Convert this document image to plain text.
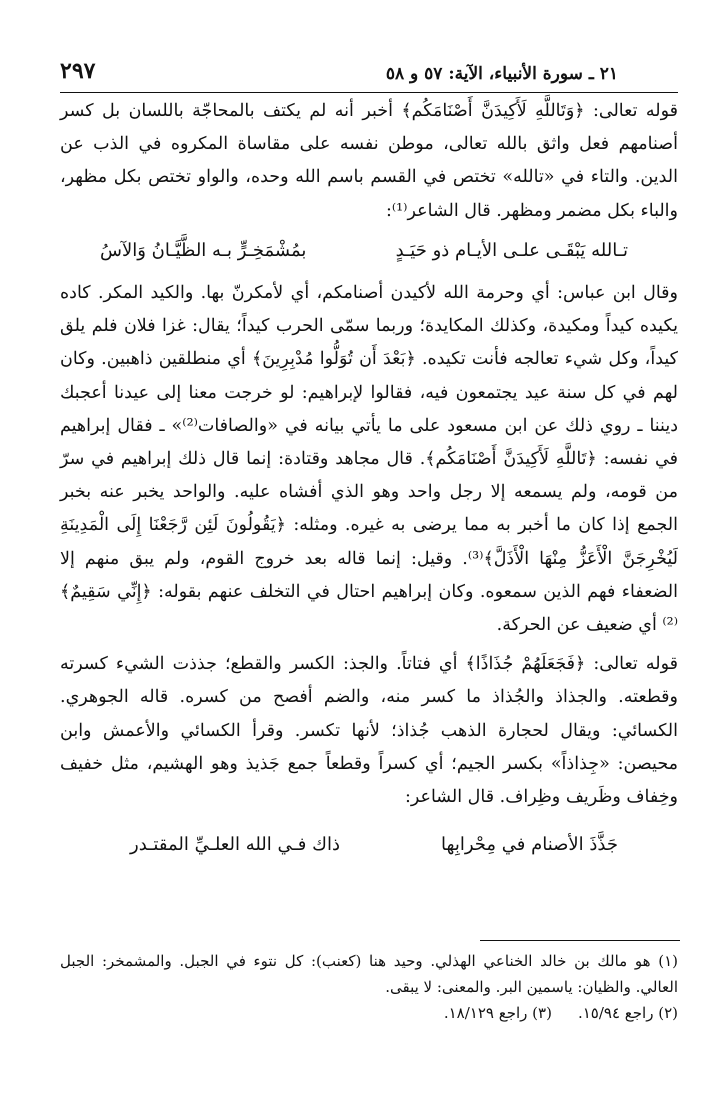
٢١ ـ سورة الأنبياء، الآية: ٥٧ و ٥٨
٢٩٧

قوله تعالى: ﴿وَتَاللَّهِ لَأَكِيدَنَّ أَصْنَامَكُم﴾ أخبر أنه لم يكتف بالمحاجّة باللسان بل كسر أصنامهم فعل واثق بالله تعالى، موطن نفسه على مقاساة المكروه في الذب عن الدين. والتاء في «تالله» تختص في القسم باسم الله وحده، والواو تختص بكل مظهر، والباء بكل مضمر ومظهر. قال الشاعر⁽¹⁾:

تـالله يَبْقَـى علـى الأيـام ذو حَيَـدٍ
بمُشْمَخِـرٍّ بـه الظَّيَّـانُ وَالآسُ

وقال ابن عباس: أي وحرمة الله لأكيدن أصنامكم، أي لأمكرنّ بها. والكيد المكر. كاده يكيده كيداً ومكيدة، وكذلك المكايدة؛ وربما سمّى الحرب كيداً؛ يقال: غزا فلان فلم يلق كيداً، وكل شيء تعالجه فأنت تكيده. ﴿بَعْدَ أَن تُوَلُّوا مُدْبِرِينَ﴾ أي منطلقين ذاهبين. وكان لهم في كل سنة عيد يجتمعون فيه، فقالوا لإبراهيم: لو خرجت معنا إلى عيدنا أعجبك ديننا ـ روي ذلك عن ابن مسعود على ما يأتي بيانه في «والصافات⁽²⁾» ـ فقال إبراهيم في نفسه: ﴿تَاللَّهِ لَأَكِيدَنَّ أَصْنَامَكُم﴾. قال مجاهد وقتادة: إنما قال ذلك إبراهيم في سرّ من قومه، ولم يسمعه إلا رجل واحد وهو الذي أفشاه عليه. والواحد يخبر عنه بخبر الجمع إذا كان ما أخبر به مما يرضى به غيره. ومثله: ﴿يَقُولُونَ لَئِن رَّجَعْنَا إِلَى الْمَدِينَةِ لَيُخْرِجَنَّ الْأَعَزُّ مِنْهَا الْأَذَلَّ﴾⁽³⁾. وقيل: إنما قاله بعد خروج القوم، ولم يبق منهم إلا الضعفاء فهم الذين سمعوه. وكان إبراهيم احتال في التخلف عنهم بقوله: ﴿إِنِّي سَقِيمٌ﴾⁽²⁾ أي ضعيف عن الحركة.

قوله تعالى: ﴿فَجَعَلَهُمْ جُذَاذًا﴾ أي فتاتاً. والجذ: الكسر والقطع؛ جذذت الشيء كسرته وقطعته. والجذاذ والجُذاذ ما كسر منه، والضم أفصح من كسره. قاله الجوهري. الكسائي: ويقال لحجارة الذهب جُذاذ؛ لأنها تكسر. وقرأ الكسائي والأعمش وابن محيصن: «جِذاذاً» بكسر الجيم؛ أي كسراً وقطعاً جمع جَذيذ وهو الهشيم، مثل خفيف وخِفاف وظَريف وظِراف. قال الشاعر:

جَذَّذَ الأصنام في مِحْرابِها
ذاك فـي الله العلـيِّ المقتـدر

(١) هو مالك بن خالد الخناعي الهذلي. وحيد هنا (كعنب): كل نتوء في الجبل. والمشمخر: الجبل العالي. والظيان: ياسمين البر. والمعنى: لا يبقى.

(٢) راجع ١٥/٩٤.
(٣) راجع ١٨/١٢٩.
